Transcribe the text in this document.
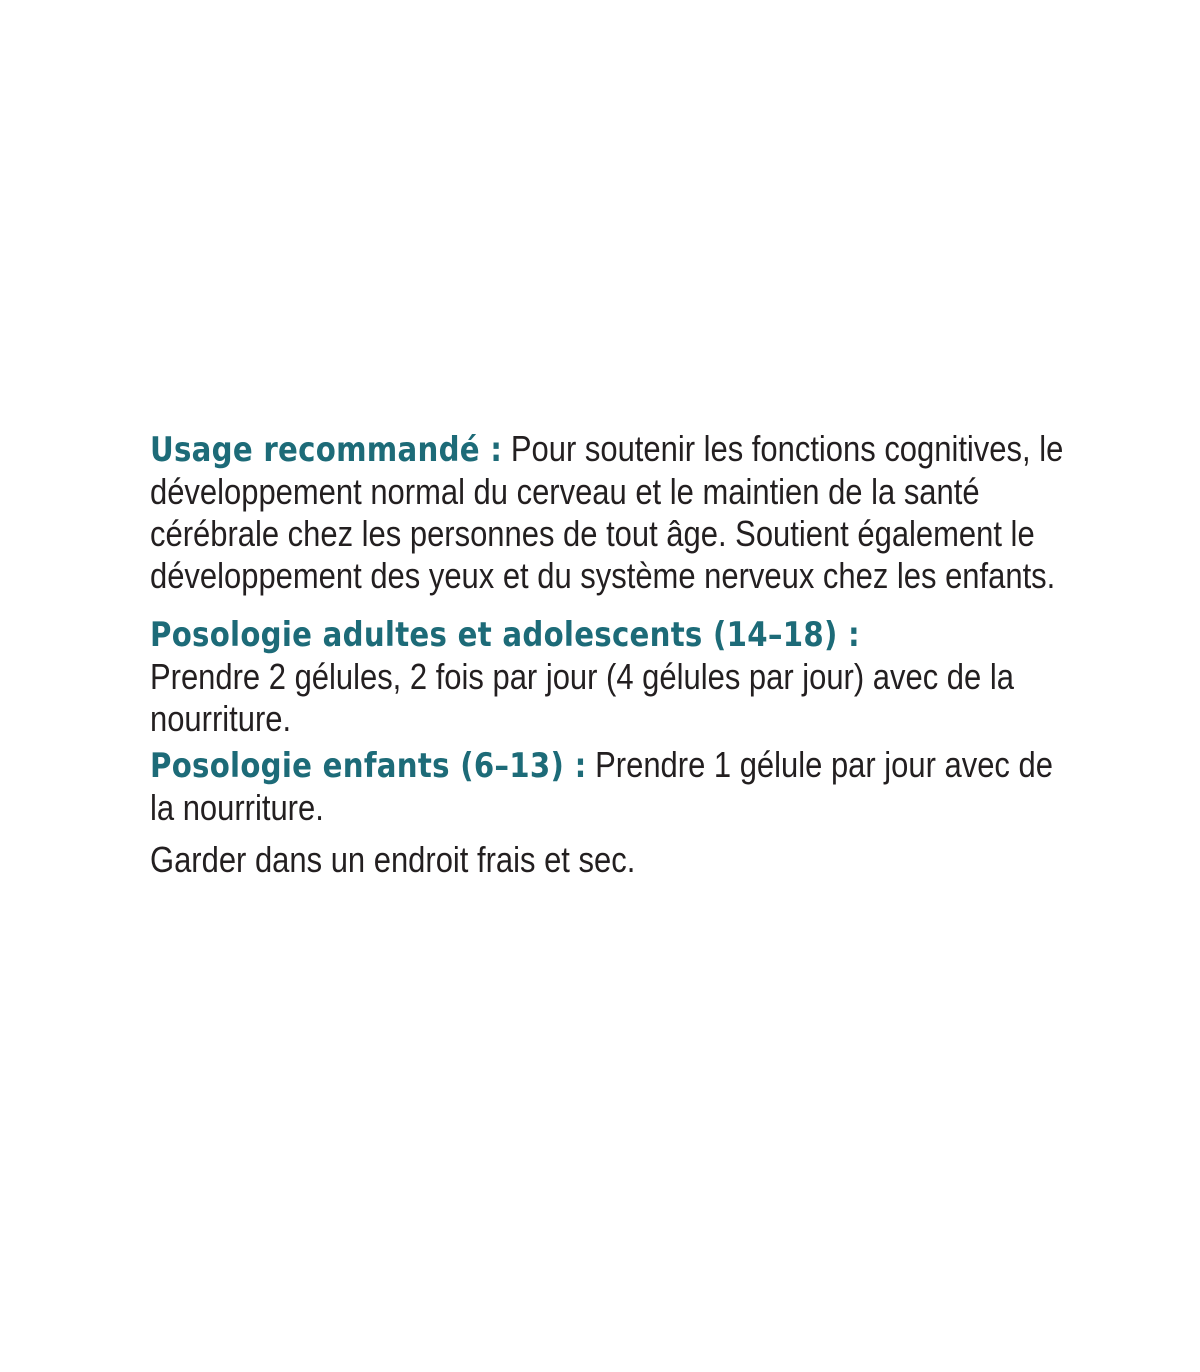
Usage recommandé : Pour soutenir les fonctions cognitives, le développement normal du cerveau et le maintien de la santé cérébrale chez les personnes de tout âge. Soutient également le développement des yeux et du système nerveux chez les enfants.

Posologie adultes et adolescents (14–18) :
Prendre 2 gélules, 2 fois par jour (4 gélules par jour) avec de la nourriture.

Posologie enfants (6–13) : Prendre 1 gélule par jour avec de la nourriture.

Garder dans un endroit frais et sec.
